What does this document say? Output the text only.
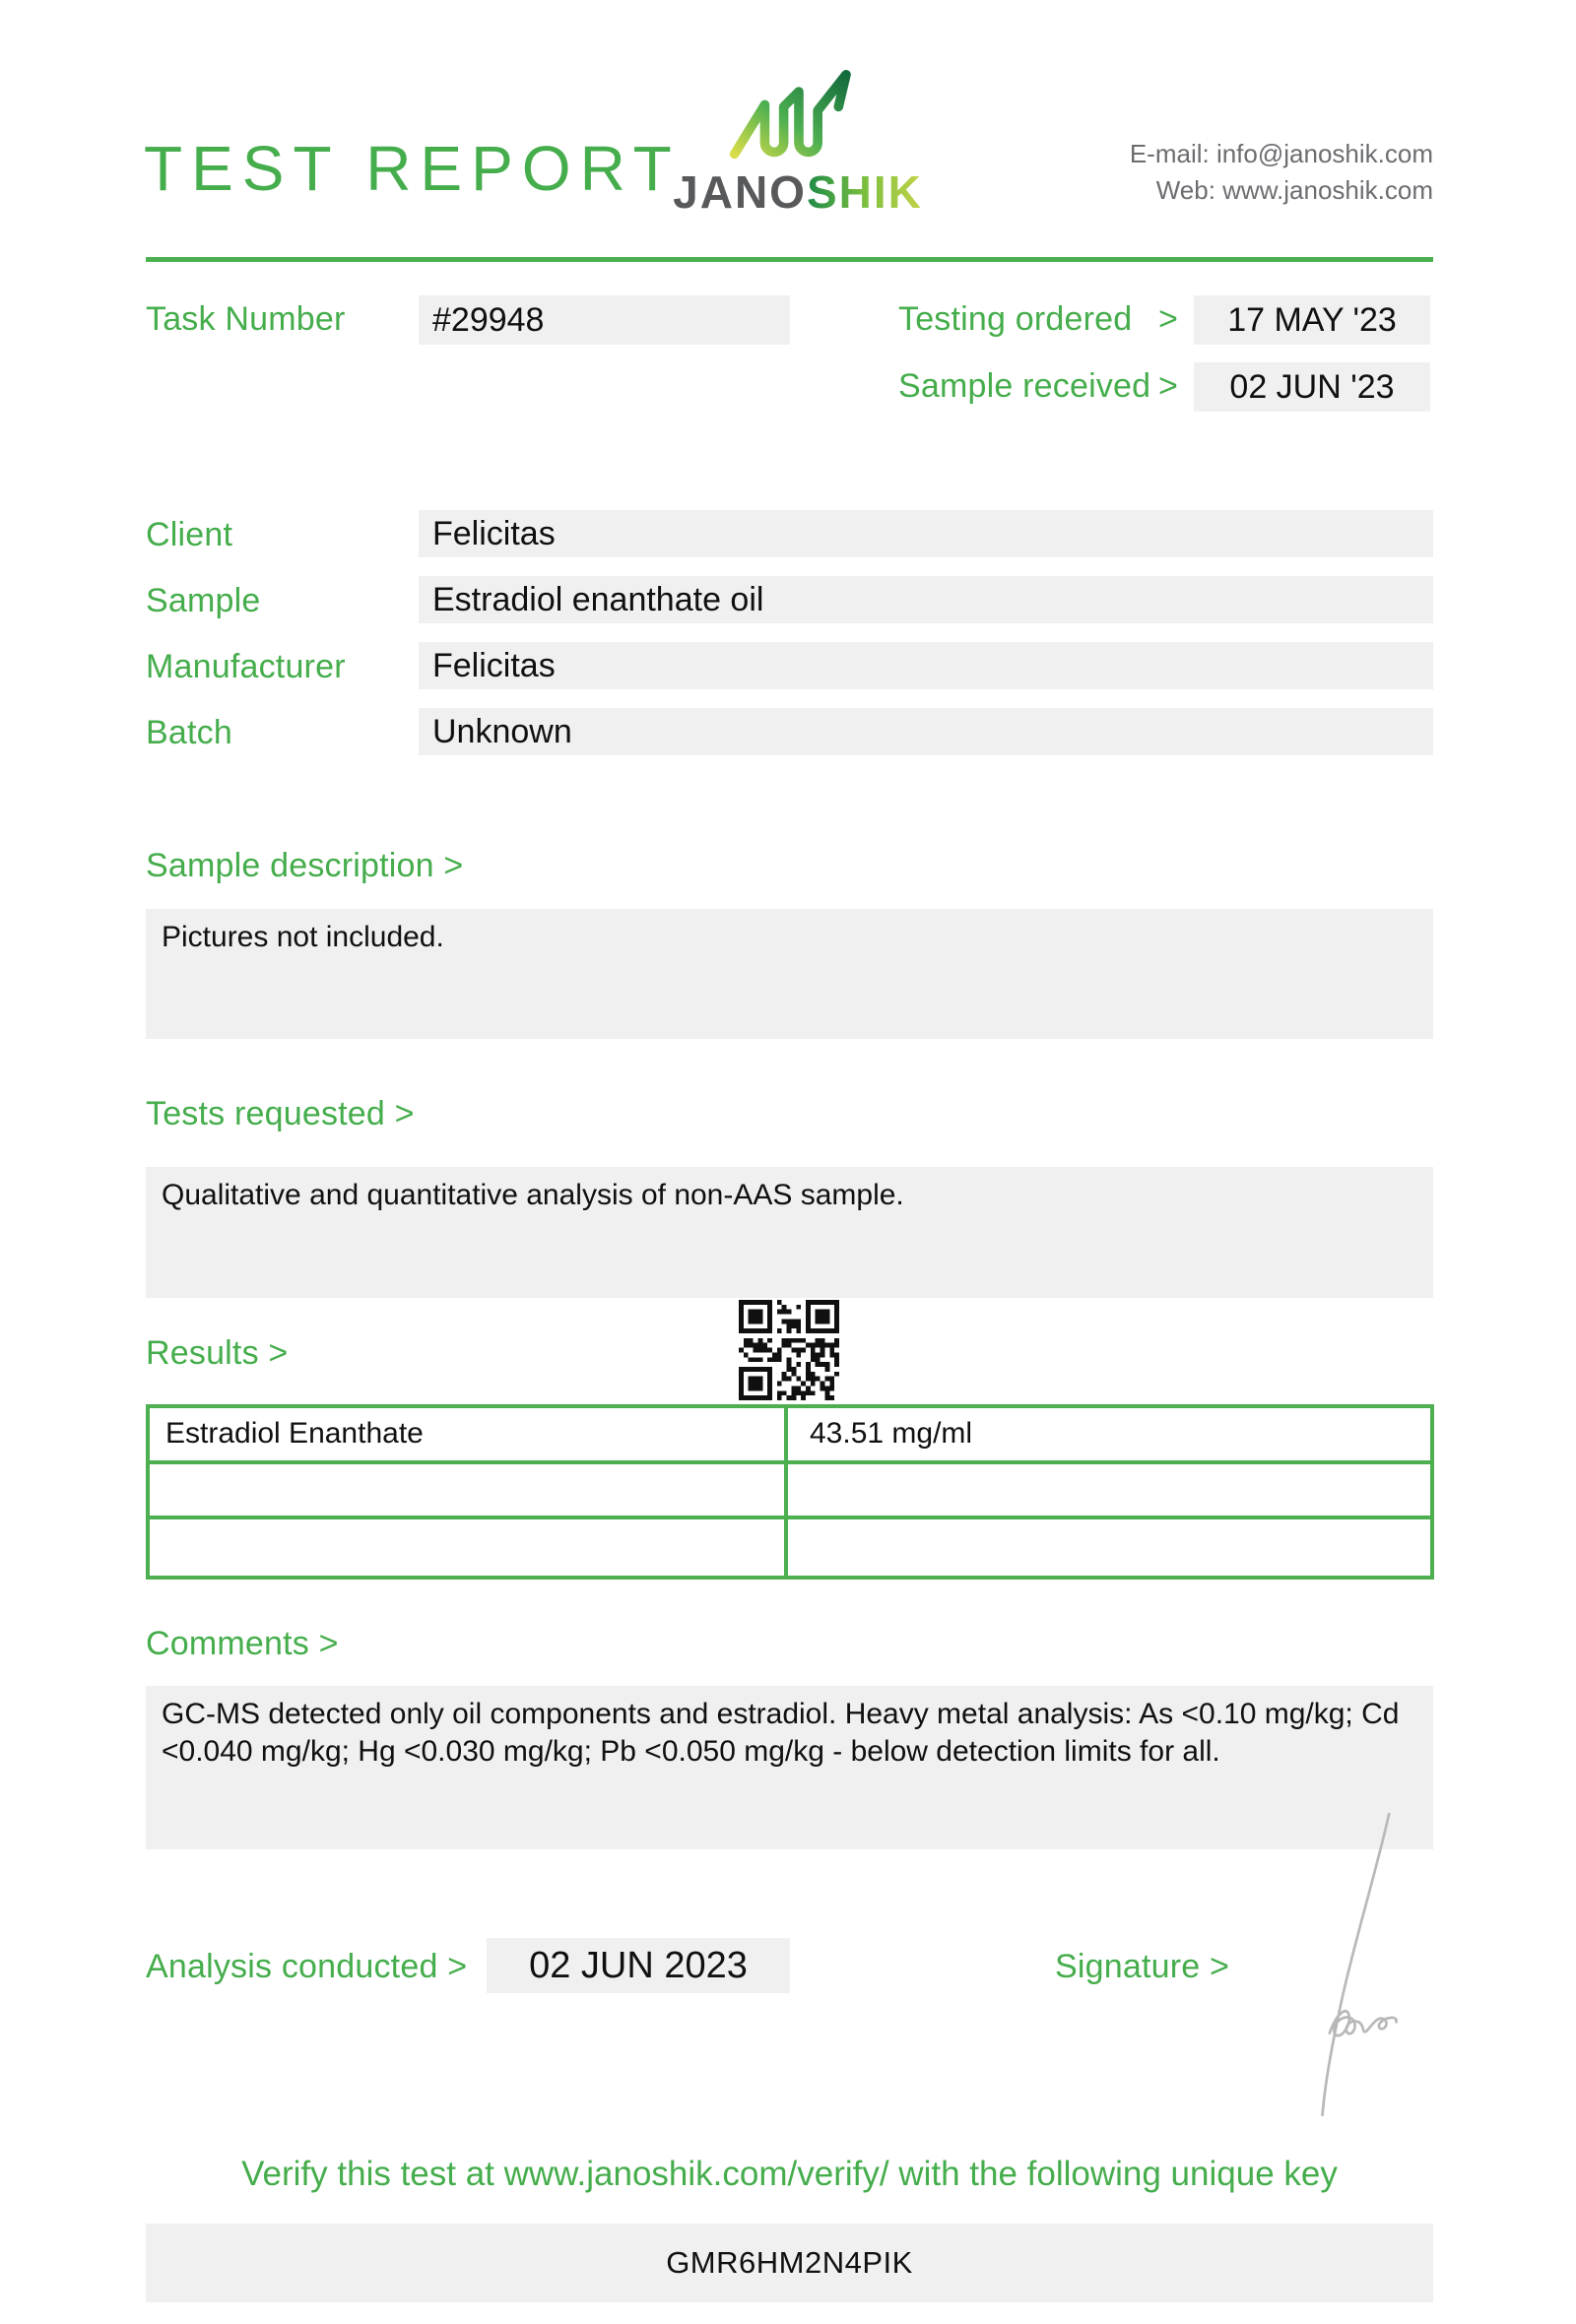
TEST REPORT
JANOSHIK
E-mail: info@janoshik.com
Web: www.janoshik.com
Task Number	#29948	Testing ordered > 17 MAY '23
Sample received > 02 JUN '23
Client	Felicitas
Sample	Estradiol enanthate oil
Manufacturer	Felicitas
Batch	Unknown
Sample description >
Pictures not included.
Tests requested >
Qualitative and quantitative analysis of non-AAS sample.
Results >
Estradiol Enanthate	43.51 mg/ml
Comments >
GC-MS detected only oil components and estradiol. Heavy metal analysis: As <0.10 mg/kg; Cd <0.040 mg/kg; Hg <0.030 mg/kg; Pb <0.050 mg/kg - below detection limits for all.
Analysis conducted > 02 JUN 2023	Signature >
Verify this test at www.janoshik.com/verify/ with the following unique key
GMR6HM2N4PIK
